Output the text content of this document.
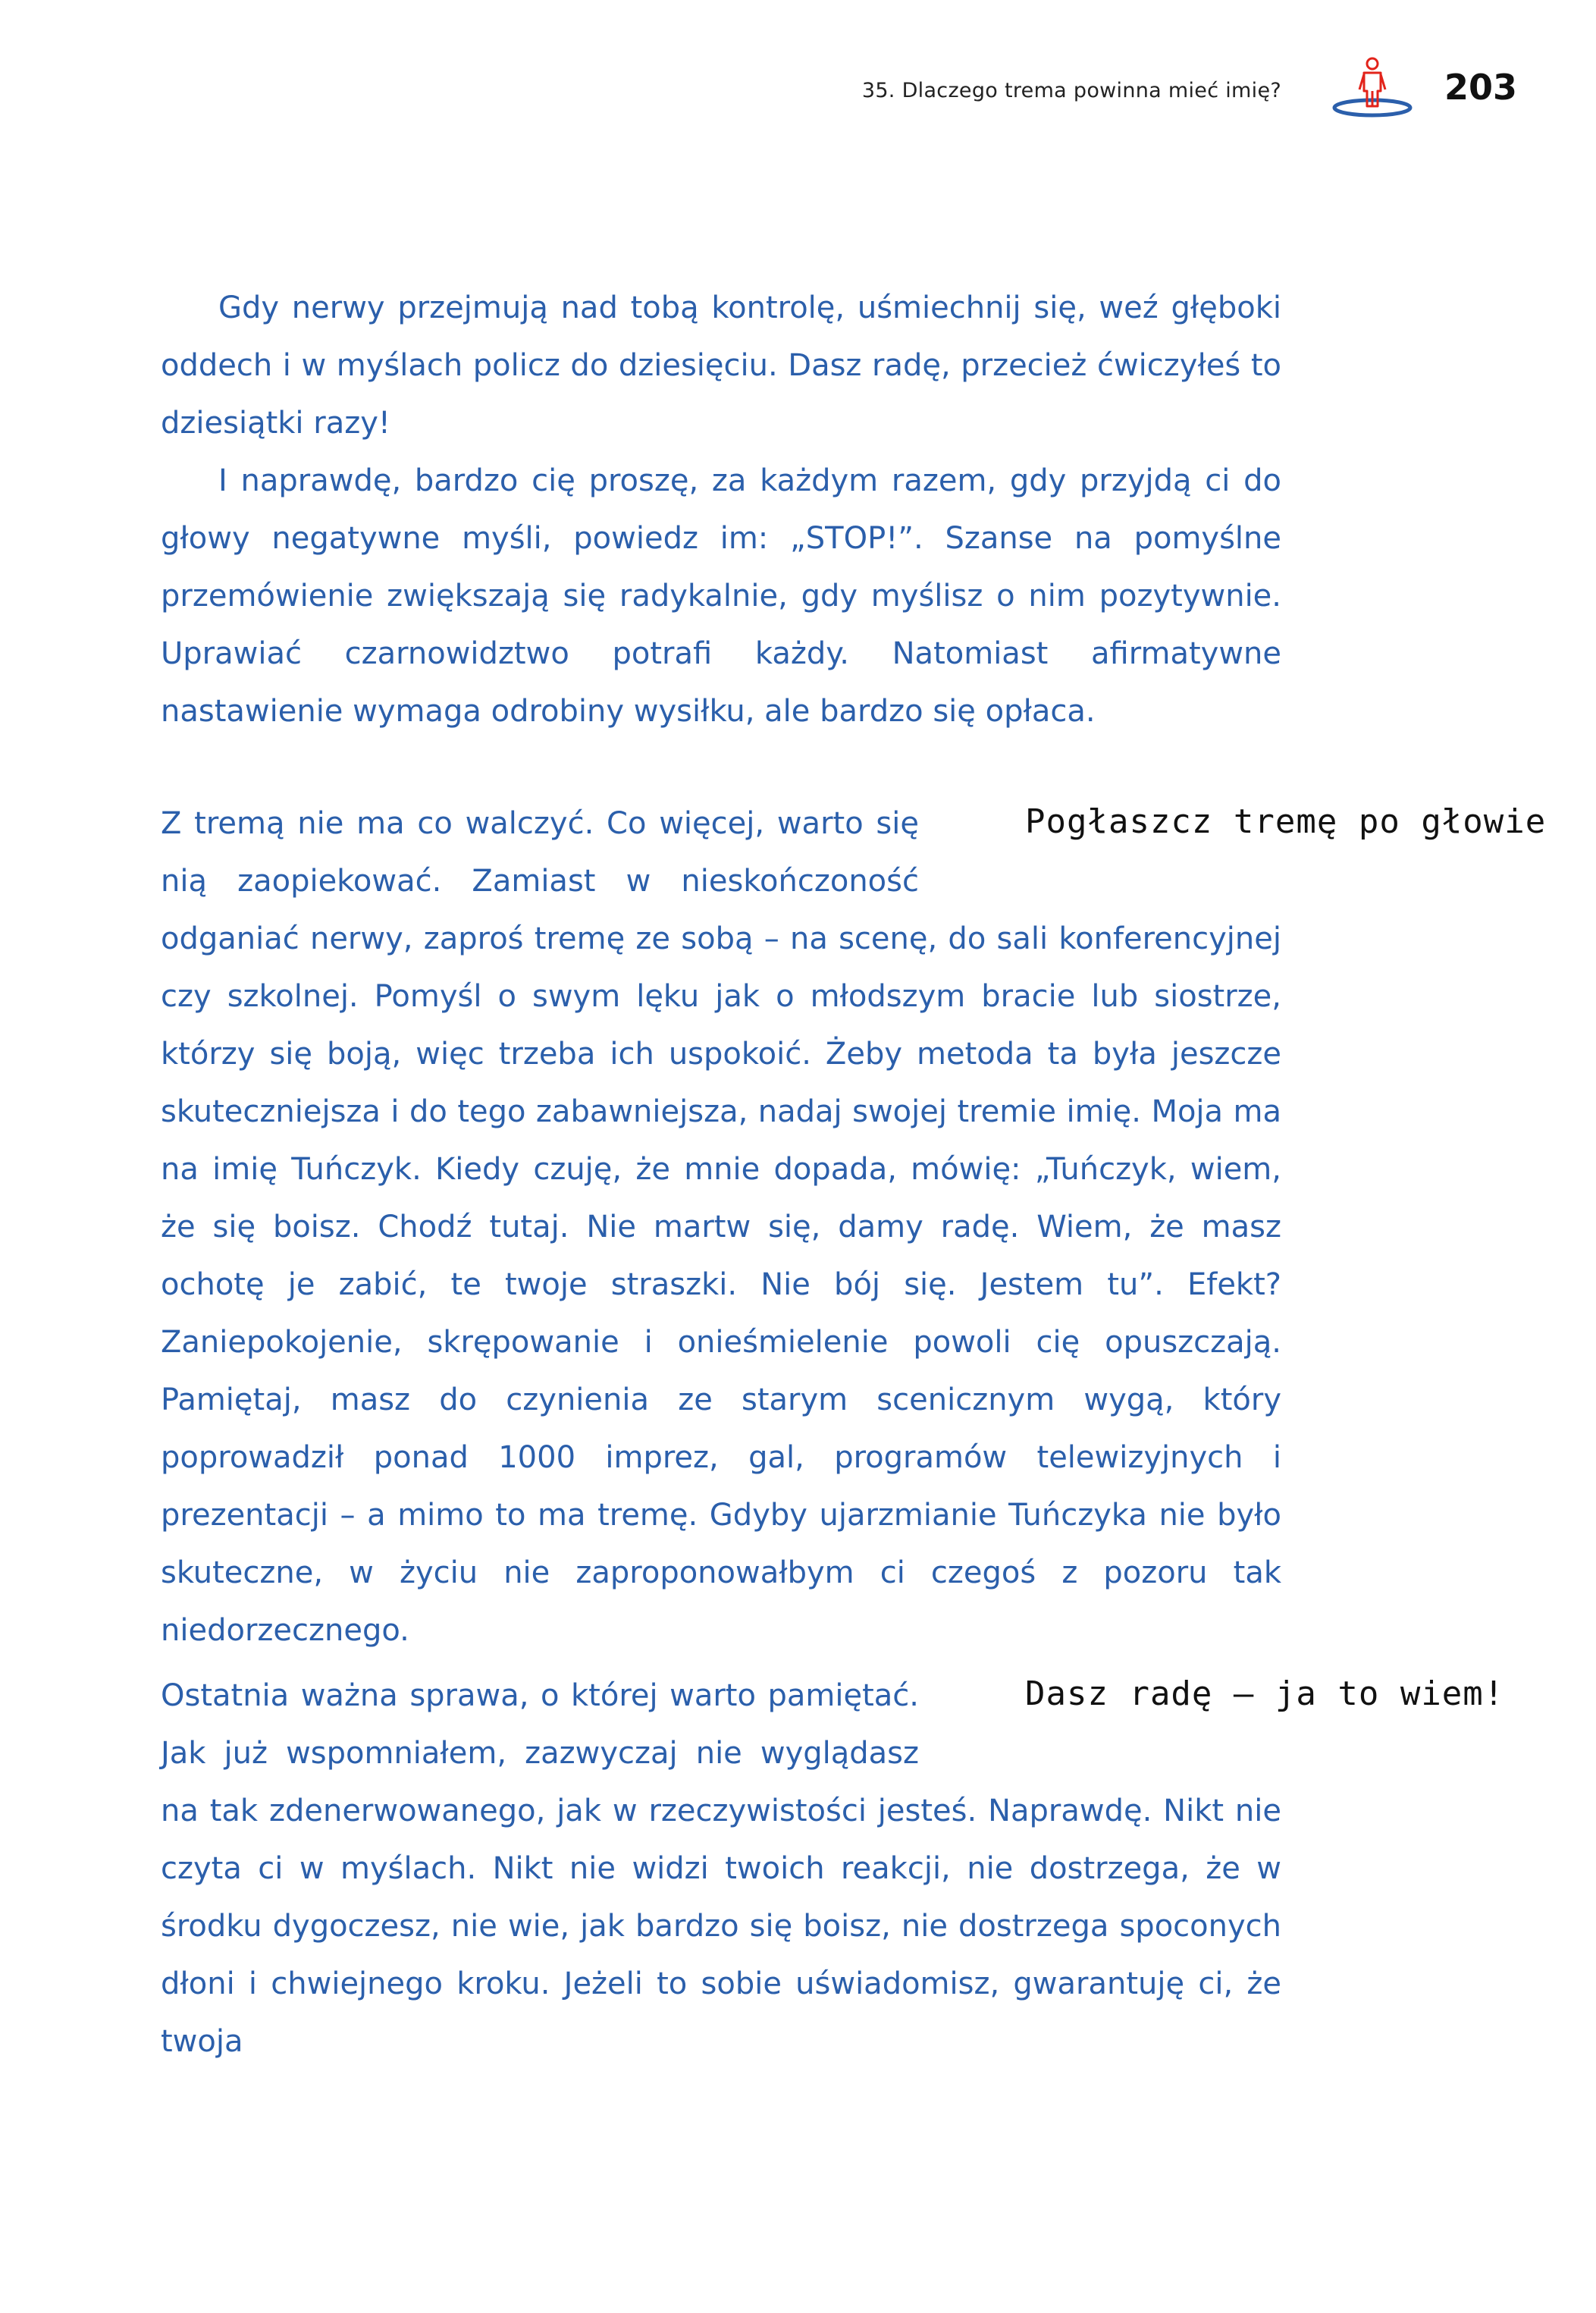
35. Dlaczego trema powinna mieć imię?	203

Gdy nerwy przejmują nad tobą kontrolę, uśmiechnij się, weź głęboki oddech i w myślach policz do dziesięciu. Dasz radę, przecież ćwiczyłeś to dziesiątki razy!

I naprawdę, bardzo cię proszę, za każdym razem, gdy przyjdą ci do głowy negatywne myśli, powiedz im: „STOP!”. Szanse na pomyślne przemówienie zwiększają się radykalnie, gdy myślisz o nim pozytywnie. Uprawiać czarnowidztwo potrafi każdy. Natomiast afirmatywne nastawienie wymaga odrobiny wysiłku, ale bardzo się opłaca.

Z tremą nie ma co walczyć. Co więcej, warto się nią zaopiekować. Zamiast w nieskończoność odganiać nerwy, zaproś tremę ze sobą – na scenę, do sali konferencyjnej czy szkolnej. Pomyśl o swym lęku jak o młodszym bracie lub siostrze, którzy się boją, więc trzeba ich uspokoić. Żeby metoda ta była jeszcze skuteczniejsza i do tego zabawniejsza, nadaj swojej tremie imię. Moja ma na imię Tuńczyk. Kiedy czuję, że mnie dopada, mówię: „Tuńczyk, wiem, że się boisz. Chodź tutaj. Nie martw się, damy radę. Wiem, że masz ochotę je zabić, te twoje straszki. Nie bój się. Jestem tu”. Efekt? Zaniepokojenie, skrępowanie i onieśmielenie powoli cię opuszczają. Pamiętaj, masz do czynienia ze starym scenicznym wygą, który poprowadził ponad 1000 imprez, gal, programów telewizyjnych i prezentacji – a mimo to ma tremę. Gdyby ujarzmianie Tuńczyka nie było skuteczne, w życiu nie zaproponowałbym ci czegoś z pozoru tak niedorzecznego.

Ostatnia ważna sprawa, o której warto pamiętać. Jak już wspomniałem, zazwyczaj nie wyglądasz na tak zdenerwowanego, jak w rzeczywistości jesteś. Naprawdę. Nikt nie czyta ci w myślach. Nikt nie widzi twoich reakcji, nie dostrzega, że w środku dygoczesz, nie wie, jak bardzo się boisz, nie dostrzega spoconych dłoni i chwiejnego kroku. Jeżeli to sobie uświadomisz, gwarantuję ci, że twoja

Pogłaszcz tremę po głowie
Dasz radę – ja to wiem!
